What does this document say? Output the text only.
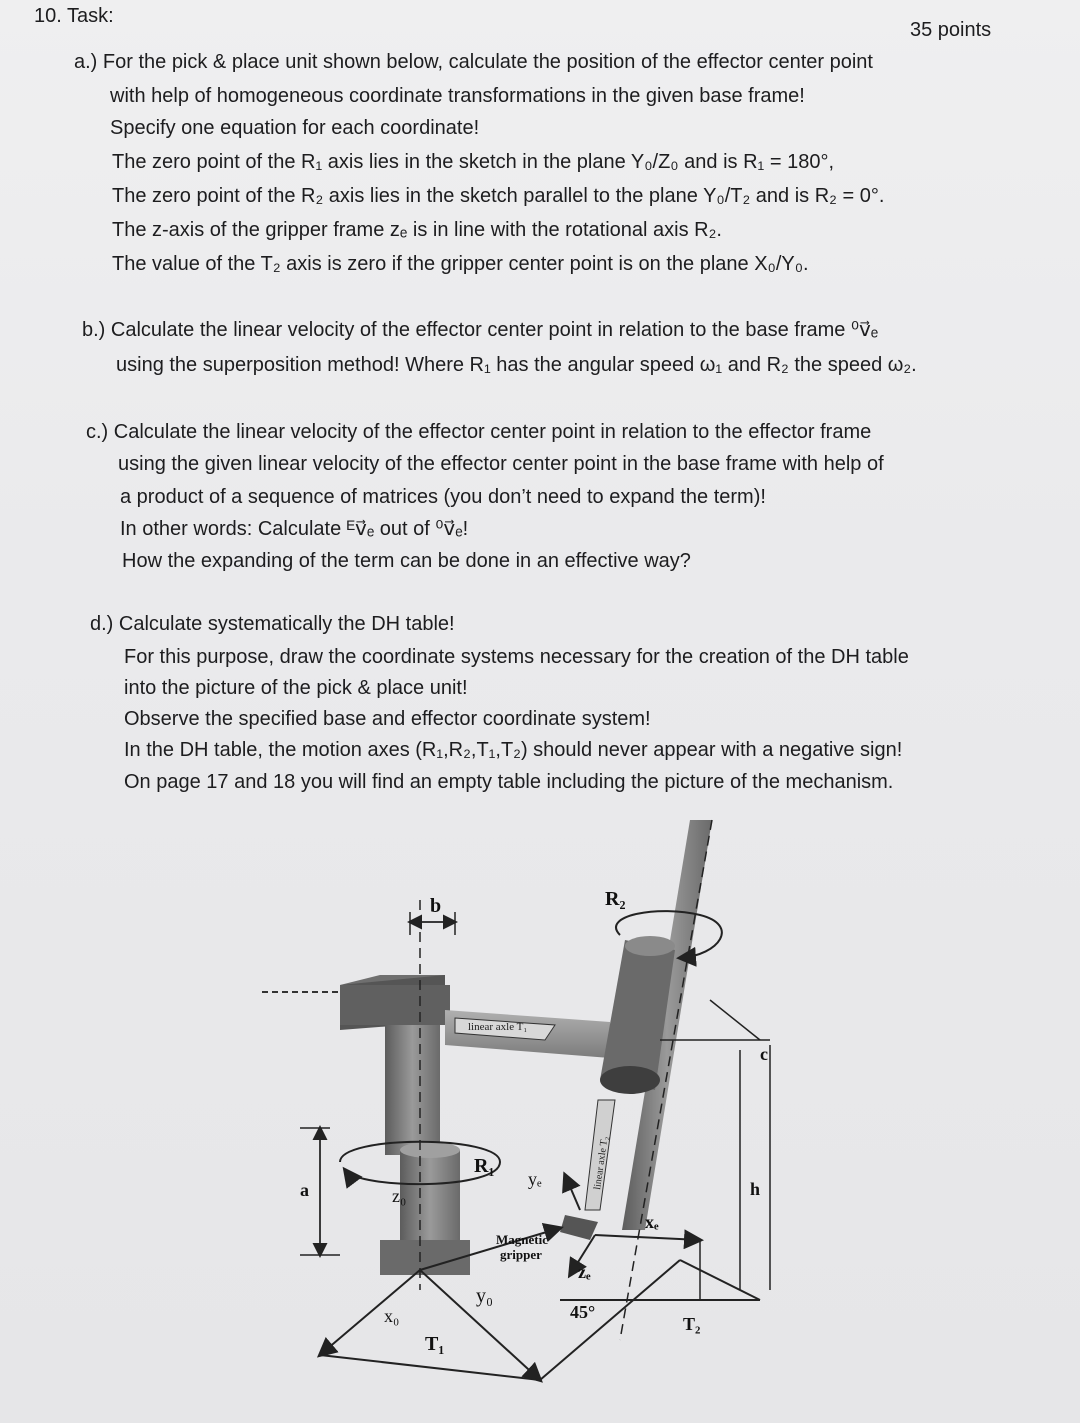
10. Task:
35 points
a.) For the pick & place unit shown below, calculate the position of the effector center point
with help of homogeneous coordinate transformations in the given base frame!
Specify one equation for each coordinate!
The zero point of the R₁ axis lies in the sketch in the plane Y₀/Z₀ and is R₁ = 180°,
The zero point of the R₂ axis lies in the sketch parallel to the plane Y₀/T₂ and is R₂ = 0°.
The z-axis of the gripper frame zₑ is in line with the rotational axis R₂.
The value of the T₂ axis is zero if the gripper center point is on the plane X₀/Y₀.
b.) Calculate the linear velocity of the effector center point in relation to the base frame ⁰v⃗ₑ
using the superposition method! Where R₁ has the angular speed ω₁ and R₂ the speed ω₂.
c.) Calculate the linear velocity of the effector center point in relation to the effector frame
using the given linear velocity of the effector center point in the base frame with help of
a product of a sequence of matrices (you don’t need to expand the term)!
In other words: Calculate ᴱv⃗ₑ out of ⁰v⃗ₑ!
How the expanding of the term can be done in an effective way?
d.) Calculate systematically the DH table!
For this purpose, draw the coordinate systems necessary for the creation of the DH table
into the picture of the pick & place unit!
Observe the specified base and effector coordinate system!
In the DH table, the motion axes (R₁,R₂,T₁,T₂) should never appear with a negative sign!
On page 17 and 18 you will find an empty table including the picture of the mechanism.
linear axle T₁
linear axle T₂
b	R₂
c
a	z₀
R₁
yₑ	h
xₑ
Magnetic
gripper
zₑ
y₀
x₀	45°
T₂
T₁
